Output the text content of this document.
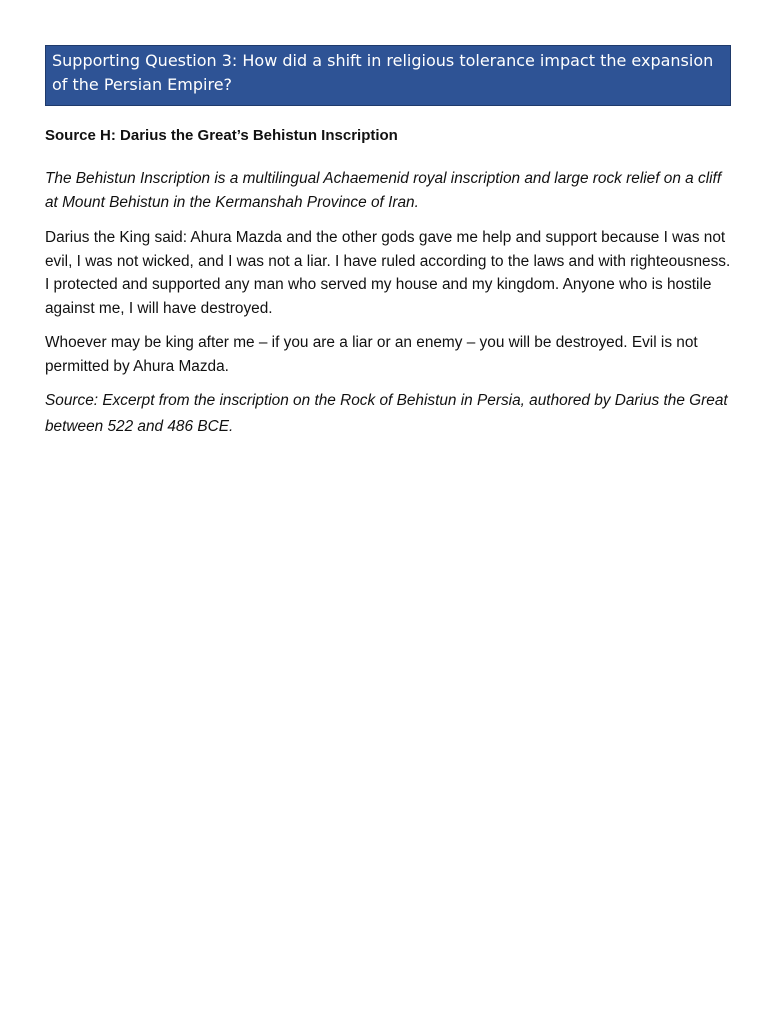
Supporting Question 3: How did a shift in religious tolerance impact the expansion of the Persian Empire?
Source H: Darius the Great’s Behistun Inscription

The Behistun Inscription is a multilingual Achaemenid royal inscription and large rock relief on a cliff at Mount Behistun in the Kermanshah Province of Iran.

Darius the King said: Ahura Mazda and the other gods gave me help and support because I was not evil, I was not wicked, and I was not a liar. I have ruled according to the laws and with righteousness. I protected and supported any man who served my house and my kingdom. Anyone who is hostile against me, I will have destroyed.

Whoever may be king after me – if you are a liar or an enemy – you will be destroyed. Evil is not permitted by Ahura Mazda.

Source: Excerpt from the inscription on the Rock of Behistun in Persia, authored by Darius the Great between 522 and 486 BCE.
